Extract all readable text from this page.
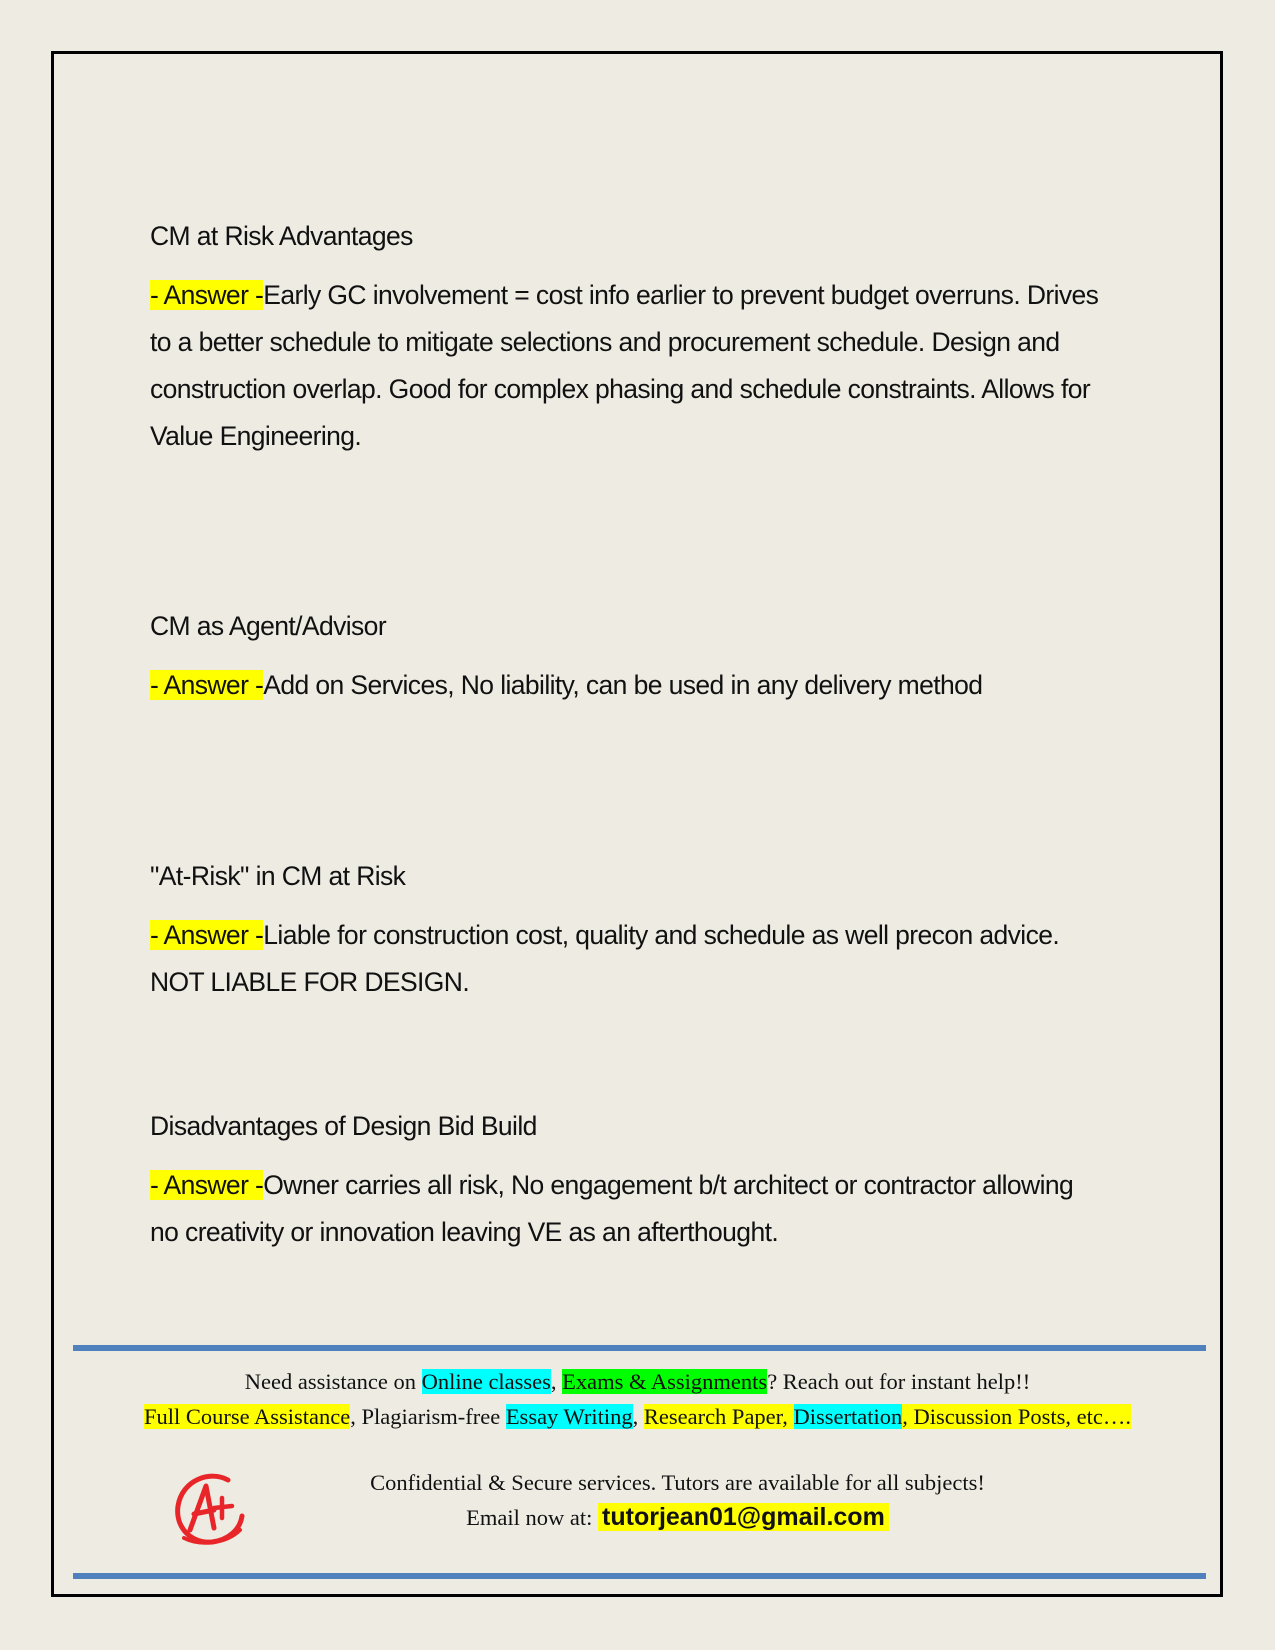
CM at Risk Advantages
- Answer -Early GC involvement = cost info earlier to prevent budget overruns. Drives to a better schedule to mitigate selections and procurement schedule. Design and construction overlap. Good for complex phasing and schedule constraints. Allows for Value Engineering.
CM as Agent/Advisor
- Answer -Add on Services, No liability, can be used in any delivery method
"At-Risk" in CM at Risk
- Answer -Liable for construction cost, quality and schedule as well precon advice. NOT LIABLE FOR DESIGN.
Disadvantages of Design Bid Build
- Answer -Owner carries all risk, No engagement b/t architect or contractor allowing no creativity or innovation leaving VE as an afterthought.
Need assistance on Online classes, Exams & Assignments? Reach out for instant help!!
Full Course Assistance, Plagiarism-free Essay Writing, Research Paper, Dissertation, Discussion Posts, etc….
Confidential & Secure services. Tutors are available for all subjects!
Email now at: tutorjean01@gmail.com
